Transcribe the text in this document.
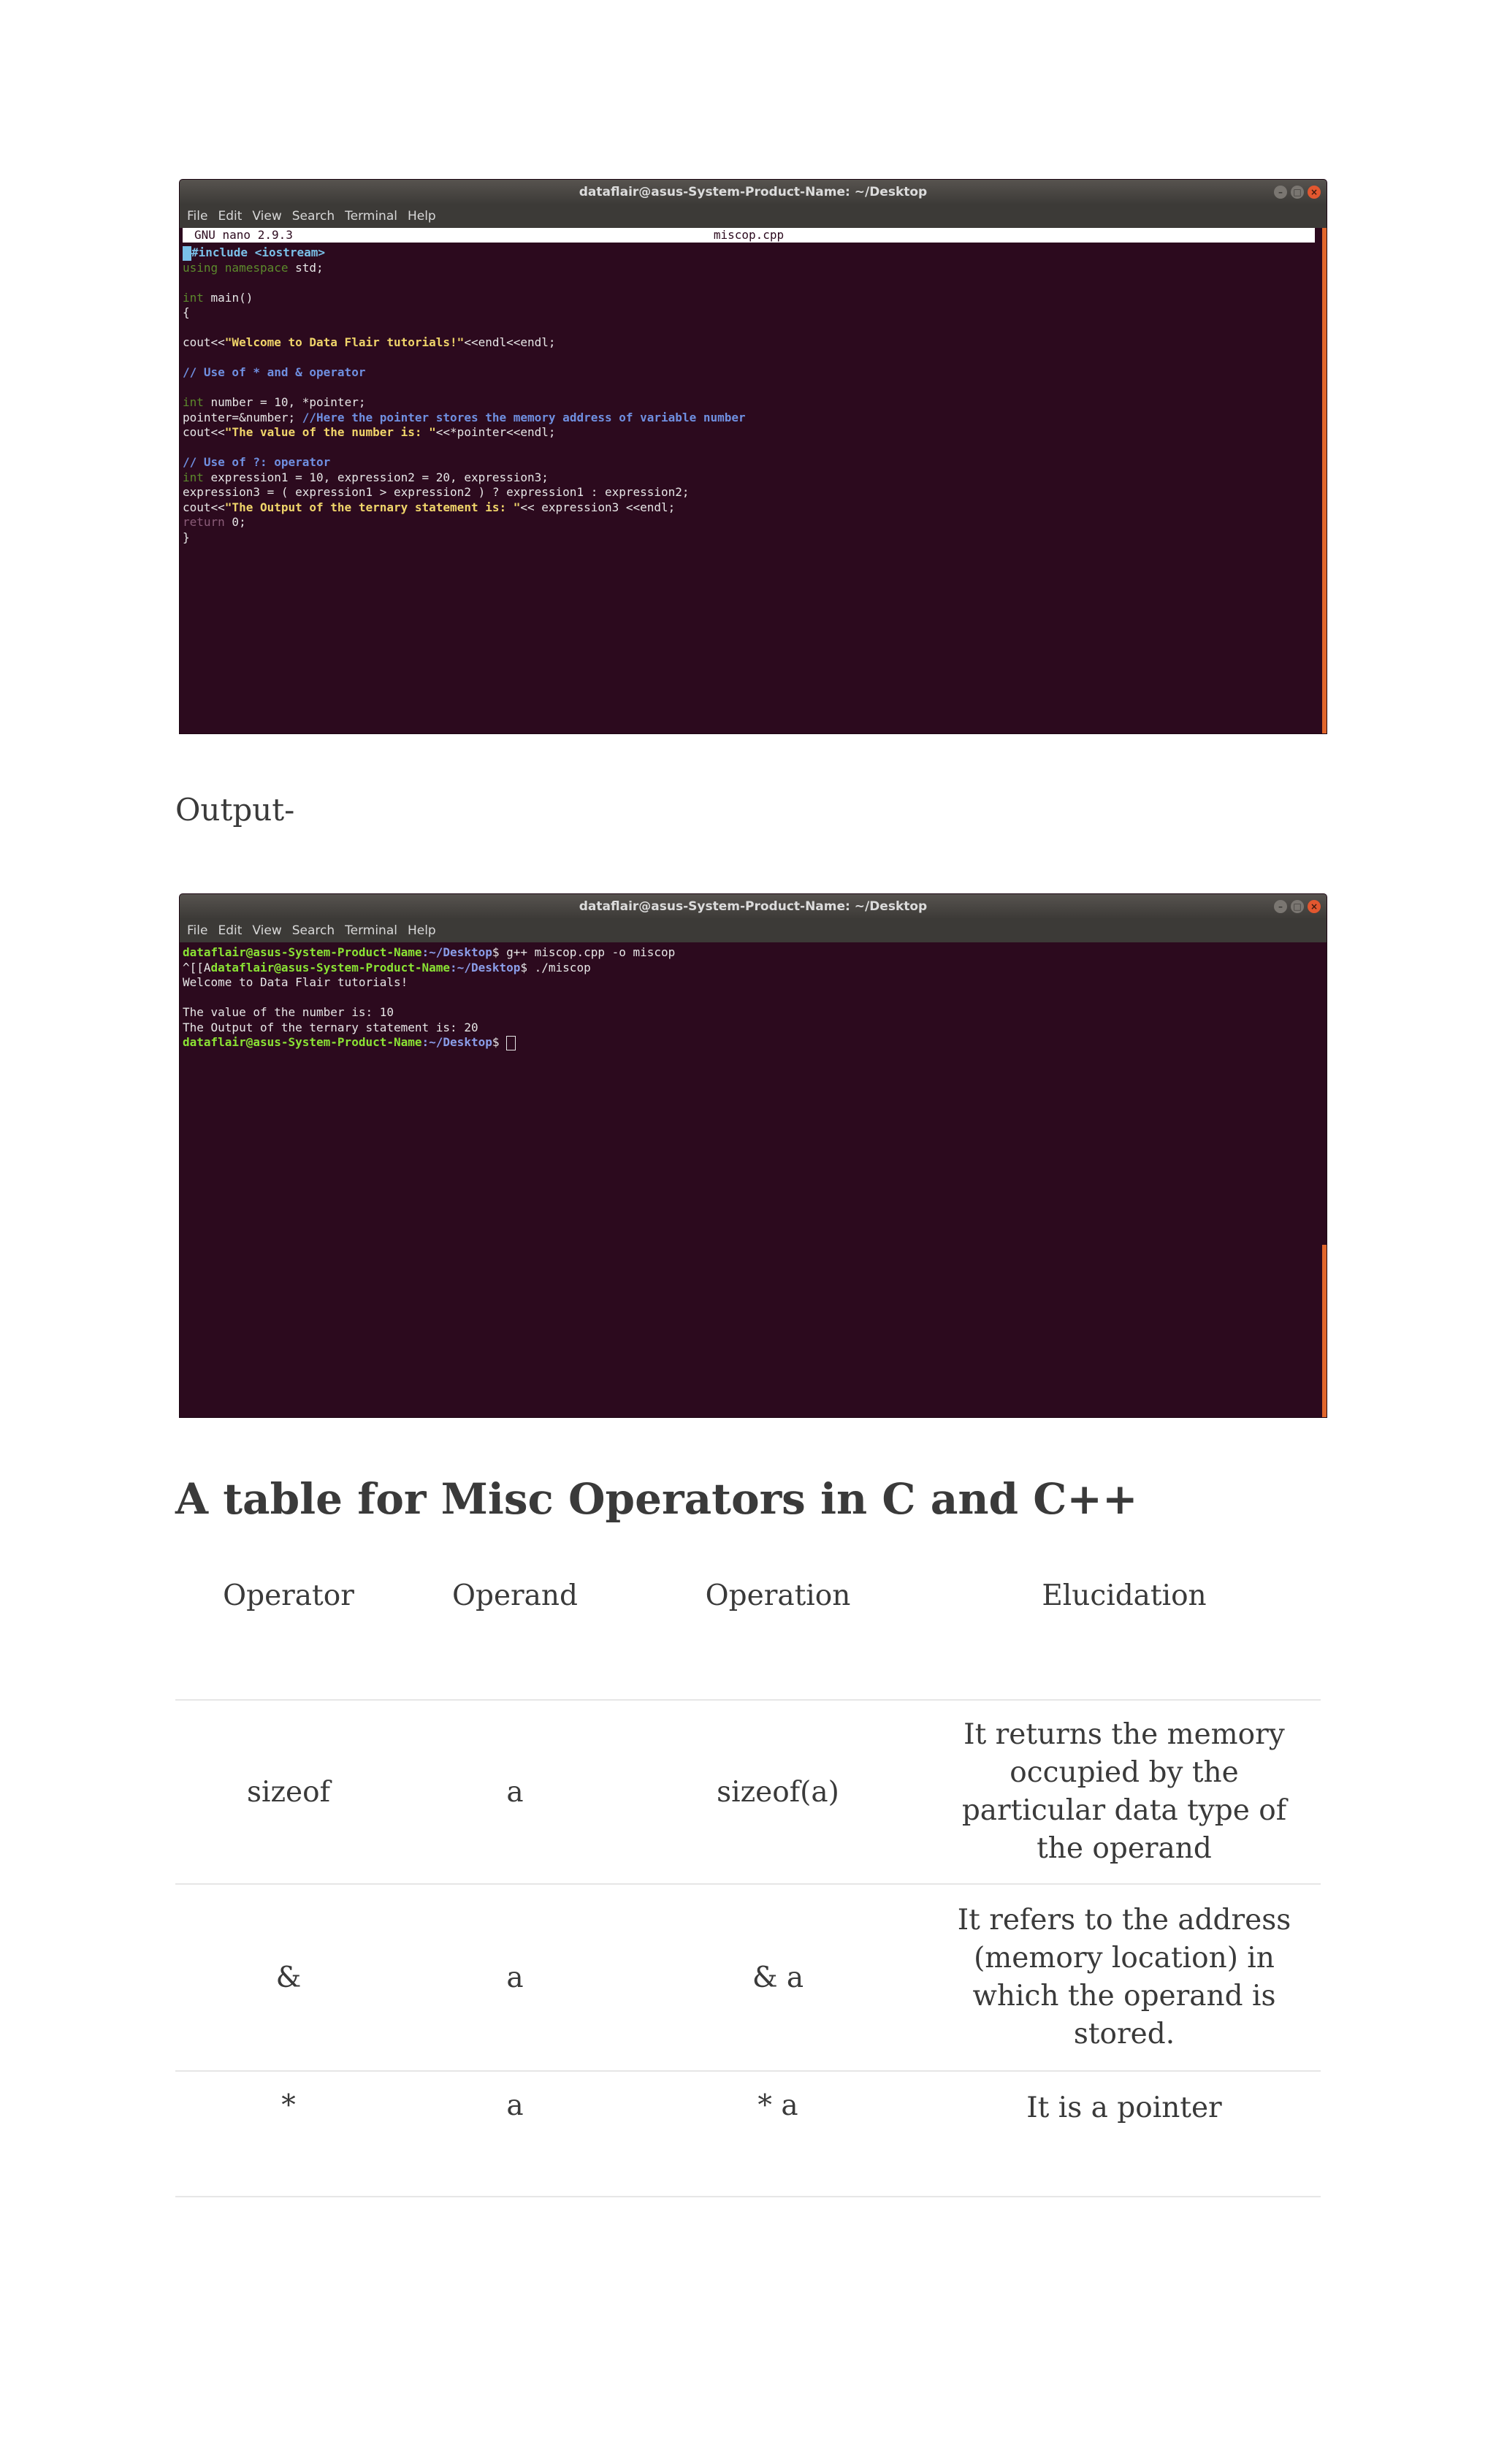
dataflair@asus-System-Product-Name: ~/Desktop	–	□	×
File Edit View Search Terminal Help
GNU nano 2.9.3	miscop.cpp
#include <iostream>
using namespace std;
int main()
{
cout<<"Welcome to Data Flair tutorials!"<<endl<<endl;
// Use of * and & operator
int number = 10, *pointer;
pointer=&number; //Here the pointer stores the memory address of variable number
cout<<"The value of the number is: "<<*pointer<<endl;
// Use of ?: operator
int expression1 = 10, expression2 = 20, expression3;
expression3 = ( expression1 > expression2 ) ? expression1 : expression2;
cout<<"The Output of the ternary statement is: "<< expression3 <<endl;
return 0;
}
Output-
dataflair@asus-System-Product-Name: ~/Desktop	–	□	×
File Edit View Search Terminal Help
dataflair@asus-System-Product-Name:~/Desktop$ g++ miscop.cpp -o miscop
^[[Adataflair@asus-System-Product-Name:~/Desktop$ ./miscop
Welcome to Data Flair tutorials!
The value of the number is: 10
The Output of the ternary statement is: 20
dataflair@asus-System-Product-Name:~/Desktop$
A table for Misc Operators in C and C++
Operator	Operand	Operation	Elucidation
sizeof	a	sizeof(a)	It returns the memory occupied by the particular data type of the operand
&	a	& a	It refers to the address (memory location) in which the operand is stored.
*	a	* a	It is a pointer
